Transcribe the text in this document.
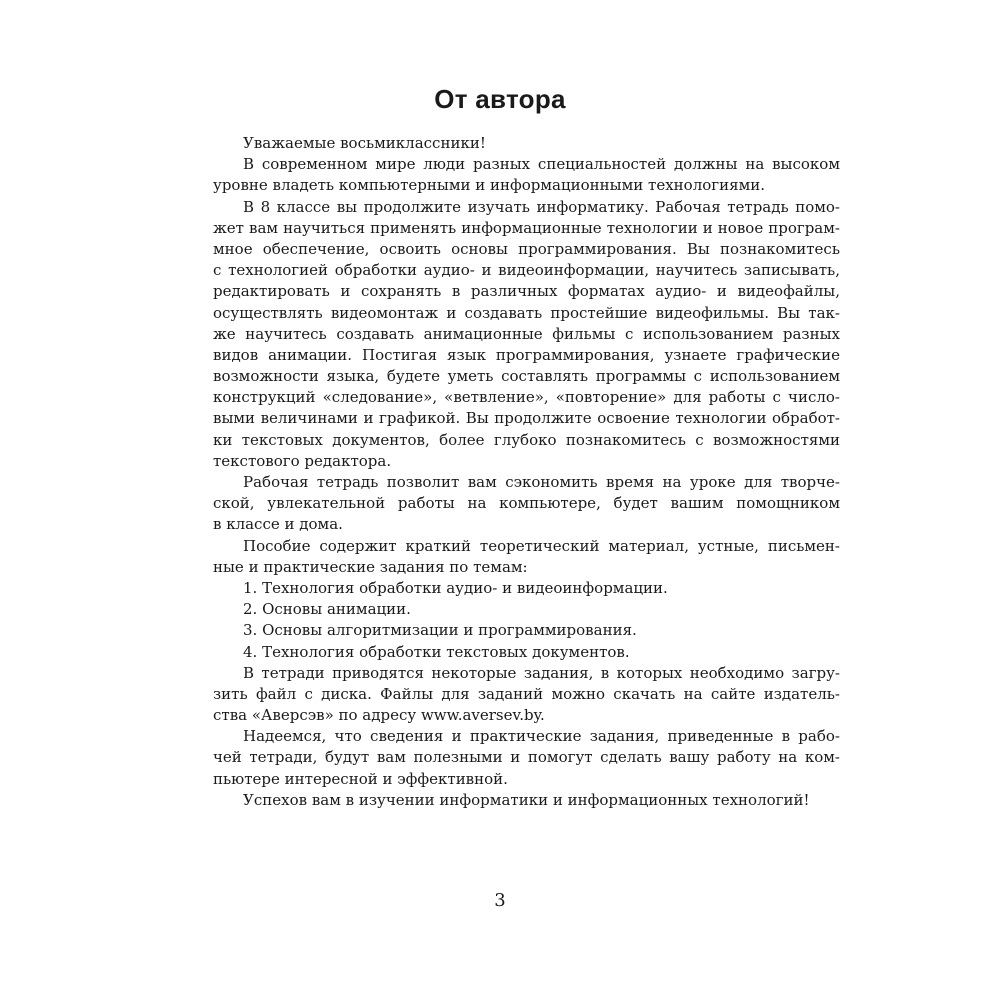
От автора
Уважаемые восьмиклассники!
В современном мире люди разных специальностей должны на высоком
уровне владеть компьютерными и информационными технологиями.
В 8 классе вы продолжите изучать информатику. Рабочая тетрадь помо-
жет вам научиться применять информационные технологии и новое програм-
мное обеспечение, освоить основы программирования. Вы познакомитесь
с технологией обработки аудио- и видеоинформации, научитесь записывать,
редактировать и сохранять в различных форматах аудио- и видеофайлы,
осуществлять видеомонтаж и создавать простейшие видеофильмы. Вы так-
же научитесь создавать анимационные фильмы с использованием разных
видов анимации. Постигая язык программирования, узнаете графические
возможности языка, будете уметь составлять программы с использованием
конструкций «следование», «ветвление», «повторение» для работы с число-
выми величинами и графикой. Вы продолжите освоение технологии обработ-
ки текстовых документов, более глубоко познакомитесь с возможностями
текстового редактора.
Рабочая тетрадь позволит вам сэкономить время на уроке для творче-
ской, увлекательной работы на компьютере, будет вашим помощником
в классе и дома.
Пособие содержит краткий теоретический материал, устные, письмен-
ные и практические задания по темам:
1. Технология обработки аудио- и видеоинформации.
2. Основы анимации.
3. Основы алгоритмизации и программирования.
4. Технология обработки текстовых документов.
В тетради приводятся некоторые задания, в которых необходимо загру-
зить файл с диска. Файлы для заданий можно скачать на сайте издатель-
ства «Аверсэв» по адресу www.aversev.by.
Надеемся, что сведения и практические задания, приведенные в рабо-
чей тетради, будут вам полезными и помогут сделать вашу работу на ком-
пьютере интересной и эффективной.
Успехов вам в изучении информатики и информационных технологий!
3
